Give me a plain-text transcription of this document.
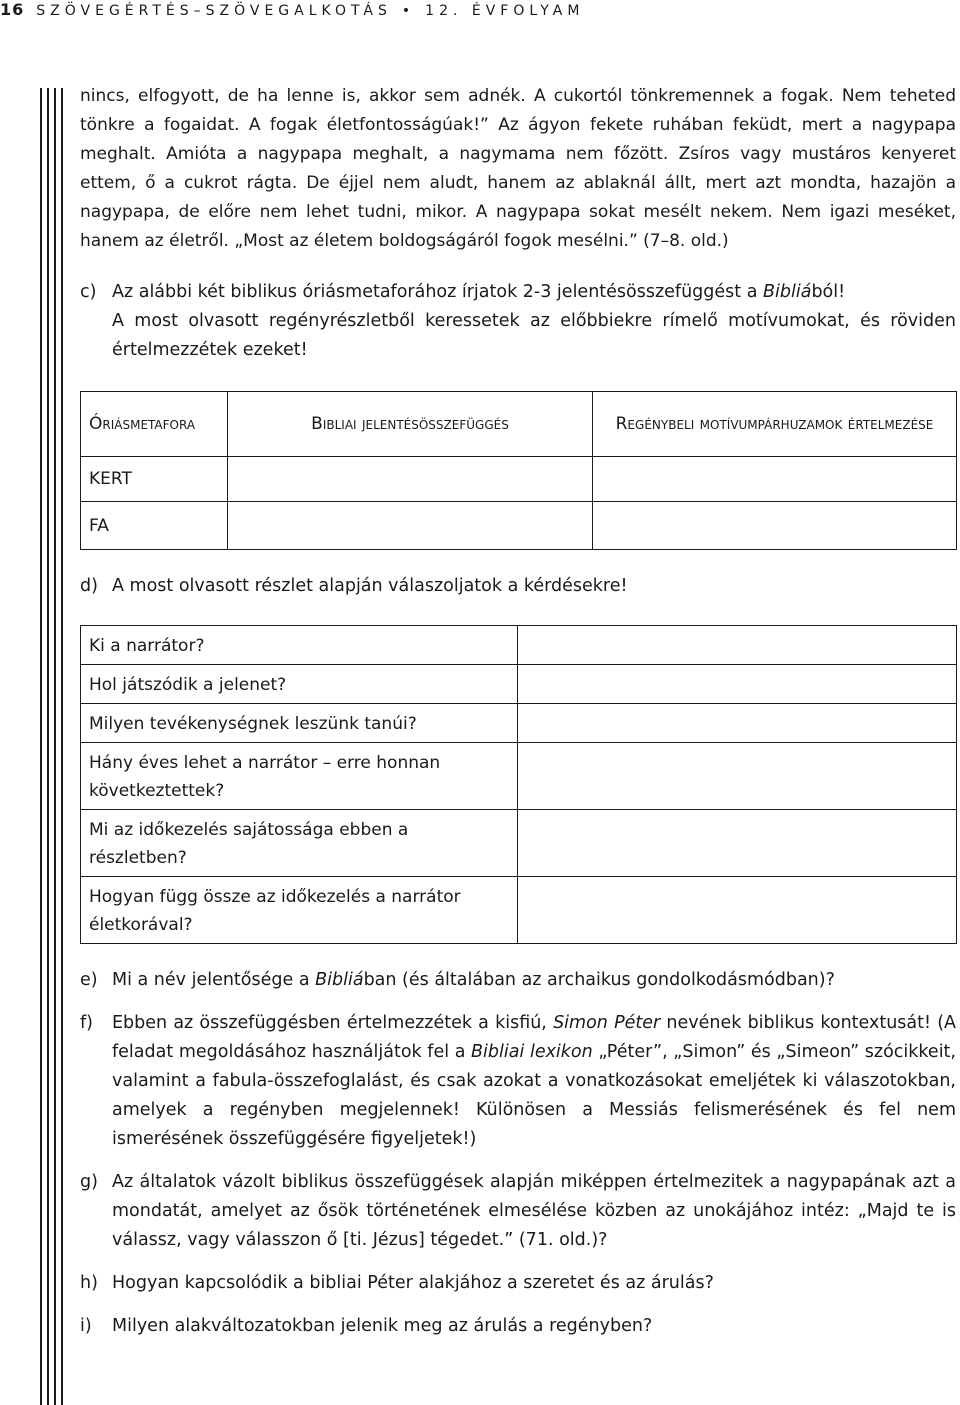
16 SZÖVEGÉRTÉS–SZÖVEGALKOTÁS • 12. ÉVFOLYAM

nincs, elfogyott, de ha lenne is, akkor sem adnék. A cukortól tönkremennek a fogak. Nem teheted tönkre a fogaidat. A fogak életfontosságúak!” Az ágyon fekete ruhában feküdt, mert a nagypapa meghalt. Amióta a nagypapa meghalt, a nagymama nem főzött. Zsíros vagy mustáros kenyeret ettem, ő a cukrot rágta. De éjjel nem aludt, hanem az ablaknál állt, mert azt mondta, hazajön a nagypapa, de előre nem lehet tudni, mikor. A nagypapa sokat mesélt nekem. Nem igazi meséket, hanem az életről. „Most az életem boldogságáról fogok mesélni.” (7–8. old.)

c) Az alábbi két biblikus óriásmetaforához írjatok 2-3 jelentésösszefüggést a Bibliából!
A most olvasott regényrészletből keressetek az előbbiekre rímelő motívumokat, és röviden értelmezzétek ezeket!
Óriásmetafora	Bibliai jelentésösszefüggés	Regénybeli motívumpárhuzamok értelmezése
KERT		
FA		
d) A most olvasott részlet alapján válaszoljatok a kérdésekre!
Ki a narrátor?	
Hol játszódik a jelenet?	
Milyen tevékenységnek leszünk tanúi?	
Hány éves lehet a narrátor – erre honnan következtettek?	
Mi az időkezelés sajátossága ebben a részletben?	
Hogyan függ össze az időkezelés a narrátor életkorával?	
e) Mi a név jelentősége a Bibliában (és általában az archaikus gondolkodásmódban)?
f)	Ebben az összefüggésben értelmezzétek a kisfiú, Simon Péter nevének biblikus kontextusát! (A feladat megoldásához használjátok fel a Bibliai lexikon „Péter”, „Simon” és „Simeon” szócikkeit, valamint a fabula-összefoglalást, és csak azokat a vonatkozásokat emeljétek ki válaszotokban, amelyek a regényben megjelennek! Különösen a Messiás felismerésének és fel nem ismerésének összefüggésére figyeljetek!)
g) Az általatok vázolt biblikus összefüggések alapján miképpen értelmezitek a nagypapának azt a mondatát, amelyet az ősök történetének elmesélése közben az unokájához intéz: „Majd te is válassz, vagy válasszon ő [ti. Jézus] tégedet.” (71. old.)?
h) Hogyan kapcsolódik a bibliai Péter alakjához a szeretet és az árulás?
i)	Milyen alakváltozatokban jelenik meg az árulás a regényben?
